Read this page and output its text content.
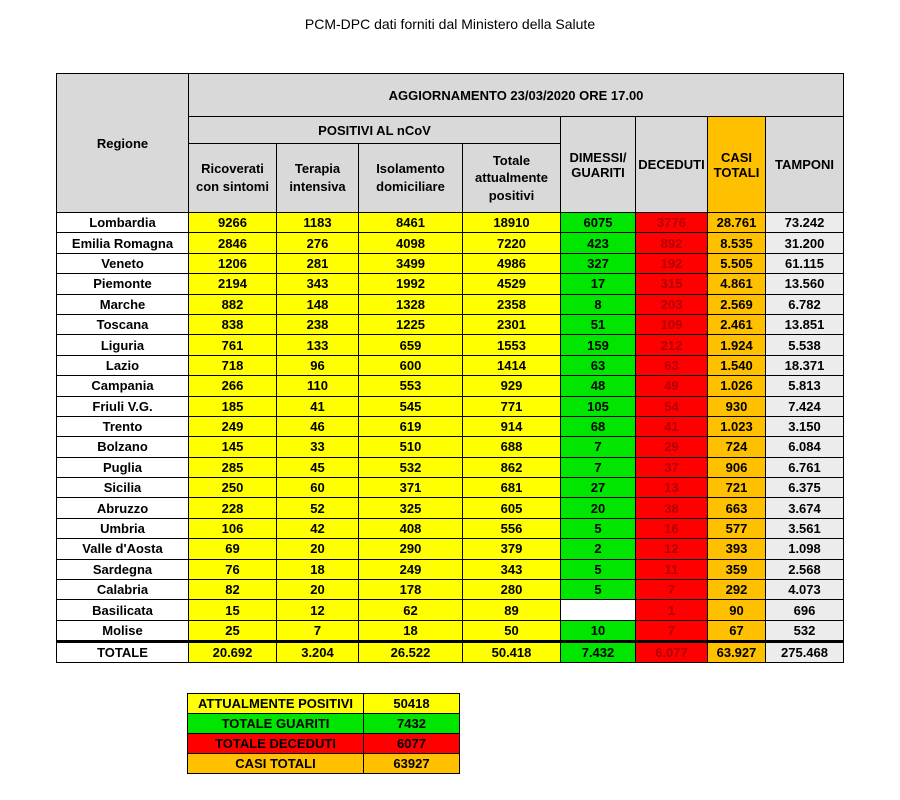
PCM-DPC dati forniti dal Ministero della Salute
Regione	AGGIORNAMENTO 23/03/2020 ORE 17.00							
	POSITIVI AL nCoV				DIMESSI/ GUARITI	DECEDUTI	CASI TOTALI	TAMPONI
	Ricoverati con sintomi	Terapia intensiva	Isolamento domiciliare	Totale attualmente positivi				
Lombardia	9266	1183	8461	18910	6075	3776	28.761	73.242
Emilia Romagna	2846	276	4098	7220	423	892	8.535	31.200
Veneto	1206	281	3499	4986	327	192	5.505	61.115
Piemonte	2194	343	1992	4529	17	315	4.861	13.560
Marche	882	148	1328	2358	8	203	2.569	6.782
Toscana	838	238	1225	2301	51	109	2.461	13.851
Liguria	761	133	659	1553	159	212	1.924	5.538
Lazio	718	96	600	1414	63	63	1.540	18.371
Campania	266	110	553	929	48	49	1.026	5.813
Friuli V.G.	185	41	545	771	105	54	930	7.424
Trento	249	46	619	914	68	41	1.023	3.150
Bolzano	145	33	510	688	7	29	724	6.084
Puglia	285	45	532	862	7	37	906	6.761
Sicilia	250	60	371	681	27	13	721	6.375
Abruzzo	228	52	325	605	20	38	663	3.674
Umbria	106	42	408	556	5	16	577	3.561
Valle d'Aosta	69	20	290	379	2	12	393	1.098
Sardegna	76	18	249	343	5	11	359	2.568
Calabria	82	20	178	280	5	7	292	4.073
Basilicata	15	12	62	89		1	90	696
Molise	25	7	18	50	10	7	67	532
TOTALE	20.692	3.204	26.522	50.418	7.432	6.077	63.927	275.468
ATTUALMENTE POSITIVI	50418
TOTALE GUARITI	7432
TOTALE DECEDUTI	6077
CASI TOTALI	63927
